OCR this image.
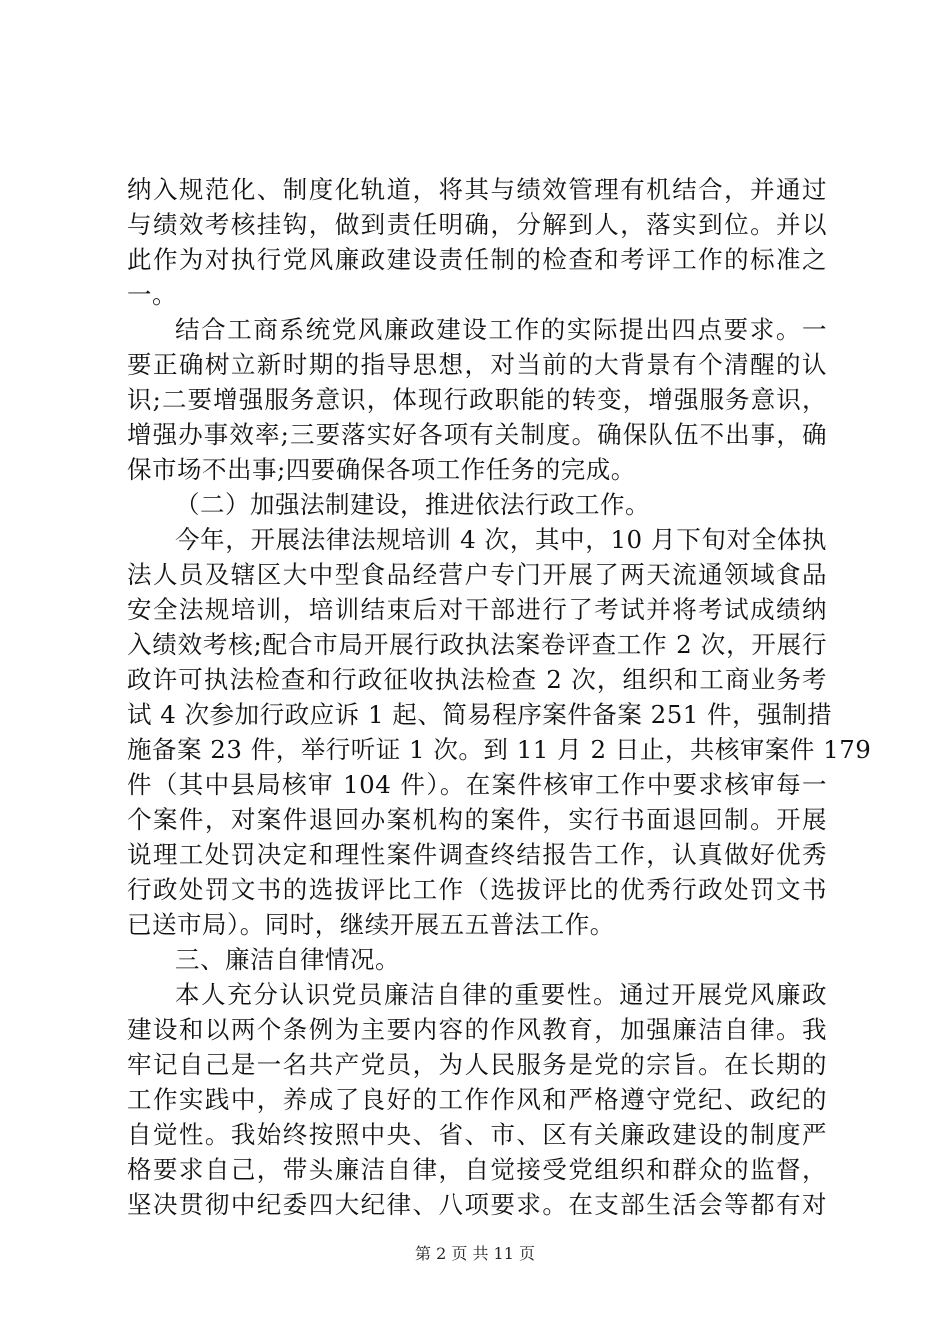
纳入规范化、制度化轨道，将其与绩效管理有机结合，并通过
与绩效考核挂钩，做到责任明确，分解到人，落实到位。并以
此作为对执行党风廉政建设责任制的检查和考评工作的标准之
一。
结合工商系统党风廉政建设工作的实际提出四点要求。一
要正确树立新时期的指导思想，对当前的大背景有个清醒的认
识;二要增强服务意识，体现行政职能的转变，增强服务意识，
增强办事效率;三要落实好各项有关制度。确保队伍不出事，确
保市场不出事;四要确保各项工作任务的完成。
（二）加强法制建设，推进依法行政工作。
今年，开展法律法规培训 4 次，其中，10 月下旬对全体执
法人员及辖区大中型食品经营户专门开展了两天流通领域食品
安全法规培训，培训结束后对干部进行了考试并将考试成绩纳
入绩效考核;配合市局开展行政执法案卷评查工作 2 次，开展行
政许可执法检查和行政征收执法检查 2 次，组织和工商业务考
试 4 次参加行政应诉 1 起、简易程序案件备案 251 件，强制措
施备案 23 件，举行听证 1 次。到 11 月 2 日止，共核审案件 179
件（其中县局核审 104 件）。在案件核审工作中要求核审每一
个案件，对案件退回办案机构的案件，实行书面退回制。开展
说理工处罚决定和理性案件调查终结报告工作，认真做好优秀
行政处罚文书的选拔评比工作（选拔评比的优秀行政处罚文书
已送市局）。同时，继续开展五五普法工作。
三、廉洁自律情况。
本人充分认识党员廉洁自律的重要性。通过开展党风廉政
建设和以两个条例为主要内容的作风教育，加强廉洁自律。我
牢记自己是一名共产党员，为人民服务是党的宗旨。在长期的
工作实践中，养成了良好的工作作风和严格遵守党纪、政纪的
自觉性。我始终按照中央、省、市、区有关廉政建设的制度严
格要求自己，带头廉洁自律，自觉接受党组织和群众的监督，
坚决贯彻中纪委四大纪律、八项要求。在支部生活会等都有对
第 2 页 共 11 页
